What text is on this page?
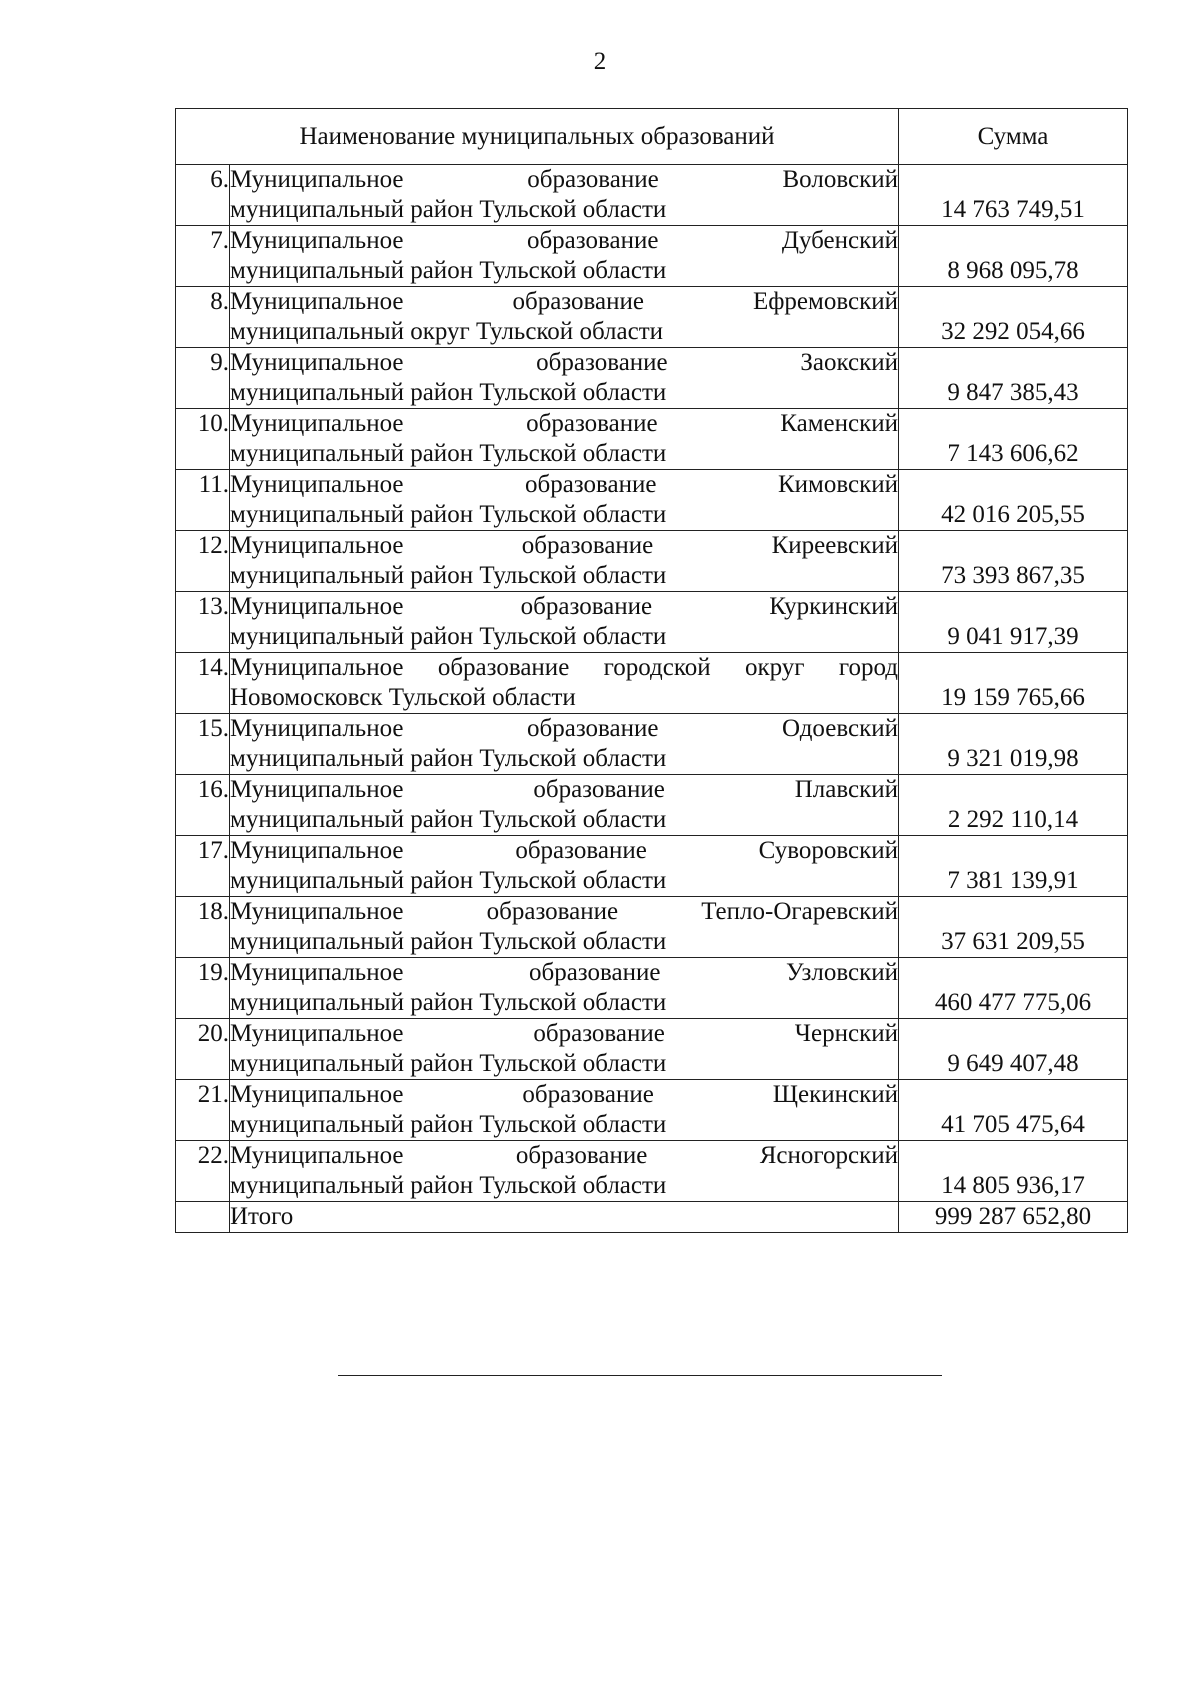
2
Наименование муниципальных образований		Сумма
6.	Муниципальное образование Воловский
муниципальный район Тульской области	14 763 749,51
7.	Муниципальное образование Дубенский
муниципальный район Тульской области	8 968 095,78
8.	Муниципальное образование Ефремовский
муниципальный округ Тульской области	32 292 054,66
9.	Муниципальное образование Заокский
муниципальный район Тульской области	9 847 385,43
10.	Муниципальное образование Каменский
муниципальный район Тульской области	7 143 606,62
11.	Муниципальное образование Кимовский
муниципальный район Тульской области	42 016 205,55
12.	Муниципальное образование Киреевский
муниципальный район Тульской области	73 393 867,35
13.	Муниципальное образование Куркинский
муниципальный район Тульской области	9 041 917,39
14.	Муниципальное образование городской округ город
Новомосковск Тульской области	19 159 765,66
15.	Муниципальное образование Одоевский
муниципальный район Тульской области	9 321 019,98
16.	Муниципальное образование Плавский
муниципальный район Тульской области	2 292 110,14
17.	Муниципальное образование Суворовский
муниципальный район Тульской области	7 381 139,91
18.	Муниципальное образование Тепло-Огаревский
муниципальный район Тульской области	37 631 209,55
19.	Муниципальное образование Узловский
муниципальный район Тульской области	460 477 775,06
20.	Муниципальное образование Чернский
муниципальный район Тульской области	9 649 407,48
21.	Муниципальное образование Щекинский
муниципальный район Тульской области	41 705 475,64
22.	Муниципальное образование Ясногорский
муниципальный район Тульской области	14 805 936,17
	Итого	999 287 652,80
